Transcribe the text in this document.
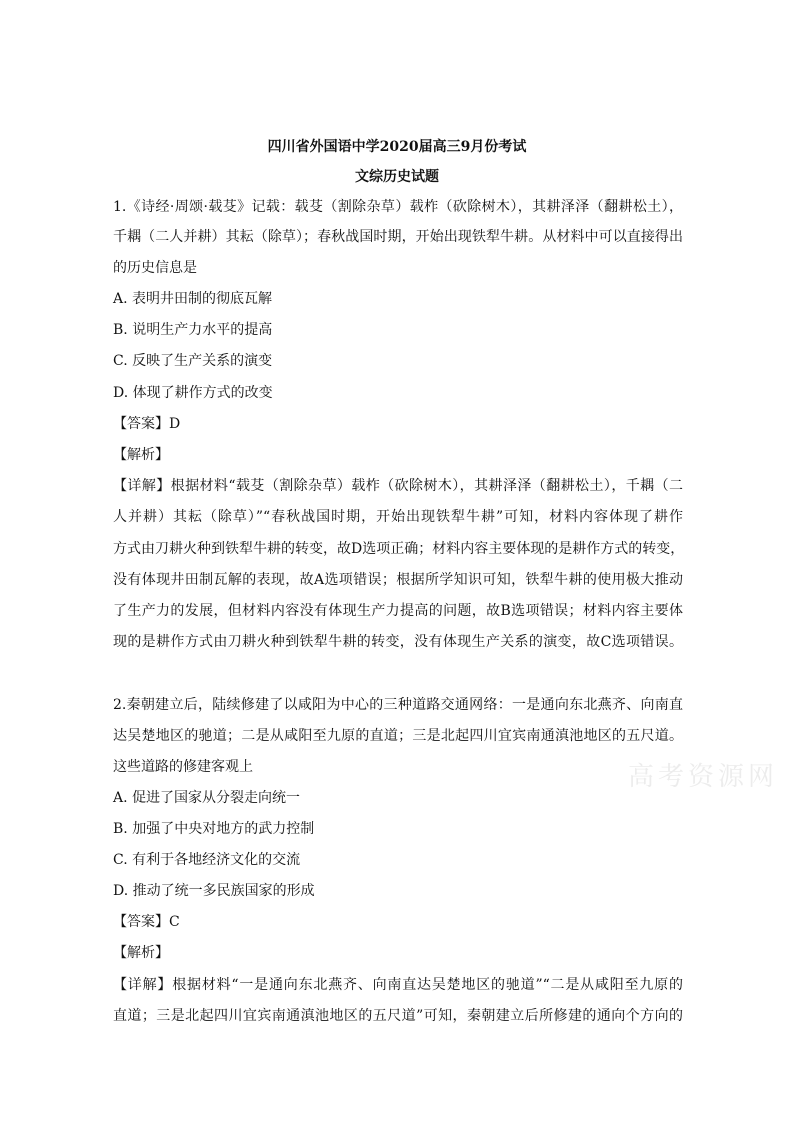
四川省外国语中学2020届高三9月份考试
文综历史试题
1.《诗经·周颂·载芟》记载：载芟（割除杂草）载柞（砍除树木），其耕泽泽（翻耕松土），
千耦（二人并耕）其耘（除草）；春秋战国时期，开始出现铁犁牛耕。从材料中可以直接得出
的历史信息是
A. 表明井田制的彻底瓦解
B. 说明生产力水平的提高
C. 反映了生产关系的演变
D. 体现了耕作方式的改变
【答案】D
【解析】
【详解】根据材料“载芟（割除杂草）载柞（砍除树木），其耕泽泽（翻耕松土），千耦（二
人并耕）其耘（除草）”“春秋战国时期，开始出现铁犁牛耕”可知，材料内容体现了耕作
方式由刀耕火种到铁犁牛耕的转变，故D选项正确；材料内容主要体现的是耕作方式的转变，
没有体现井田制瓦解的表现，故A选项错误；根据所学知识可知，铁犁牛耕的使用极大推动
了生产力的发展，但材料内容没有体现生产力提高的问题，故B选项错误；材料内容主要体
现的是耕作方式由刀耕火种到铁犁牛耕的转变，没有体现生产关系的演变，故C选项错误。
2.秦朝建立后，陆续修建了以咸阳为中心的三种道路交通网络：一是通向东北燕齐、向南直
达吴楚地区的驰道；二是从咸阳至九原的直道；三是北起四川宜宾南通滇池地区的五尺道。
这些道路的修建客观上
A. 促进了国家从分裂走向统一
B. 加强了中央对地方的武力控制
C. 有利于各地经济文化的交流
D. 推动了统一多民族国家的形成
【答案】C
【解析】
【详解】根据材料“一是通向东北燕齐、向南直达吴楚地区的驰道”“二是从咸阳至九原的
直道；三是北起四川宜宾南通滇池地区的五尺道”可知，秦朝建立后所修建的通向个方向的
高考资源网
